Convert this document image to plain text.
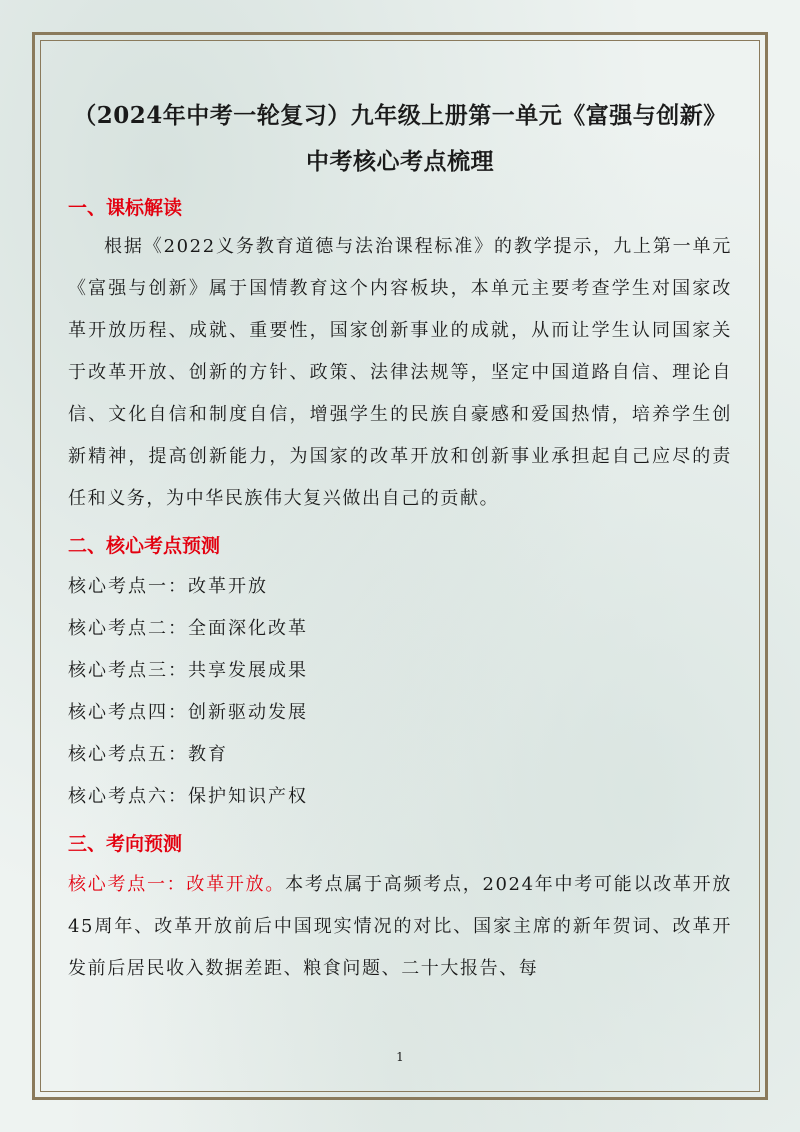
（2024年中考一轮复习）九年级上册第一单元《富强与创新》
中考核心考点梳理
一、课标解读

根据《2022义务教育道德与法治课程标准》的教学提示，九上第一单元《富强与创新》属于国情教育这个内容板块，本单元主要考查学生对国家改革开放历程、成就、重要性，国家创新事业的成就，从而让学生认同国家关于改革开放、创新的方针、政策、法律法规等，坚定中国道路自信、理论自信、文化自信和制度自信，增强学生的民族自豪感和爱国热情，培养学生创新精神，提高创新能力，为国家的改革开放和创新事业承担起自己应尽的责任和义务，为中华民族伟大复兴做出自己的贡献。

二、核心考点预测
核心考点一：改革开放
核心考点二：全面深化改革
核心考点三：共享发展成果
核心考点四：创新驱动发展
核心考点五：教育
核心考点六：保护知识产权
三、考向预测

核心考点一：改革开放。本考点属于高频考点，2024年中考可能以改革开放45周年、改革开放前后中国现实情况的对比、国家主席的新年贺词、改革开发前后居民收入数据差距、粮食问题、二十大报告、每

1
